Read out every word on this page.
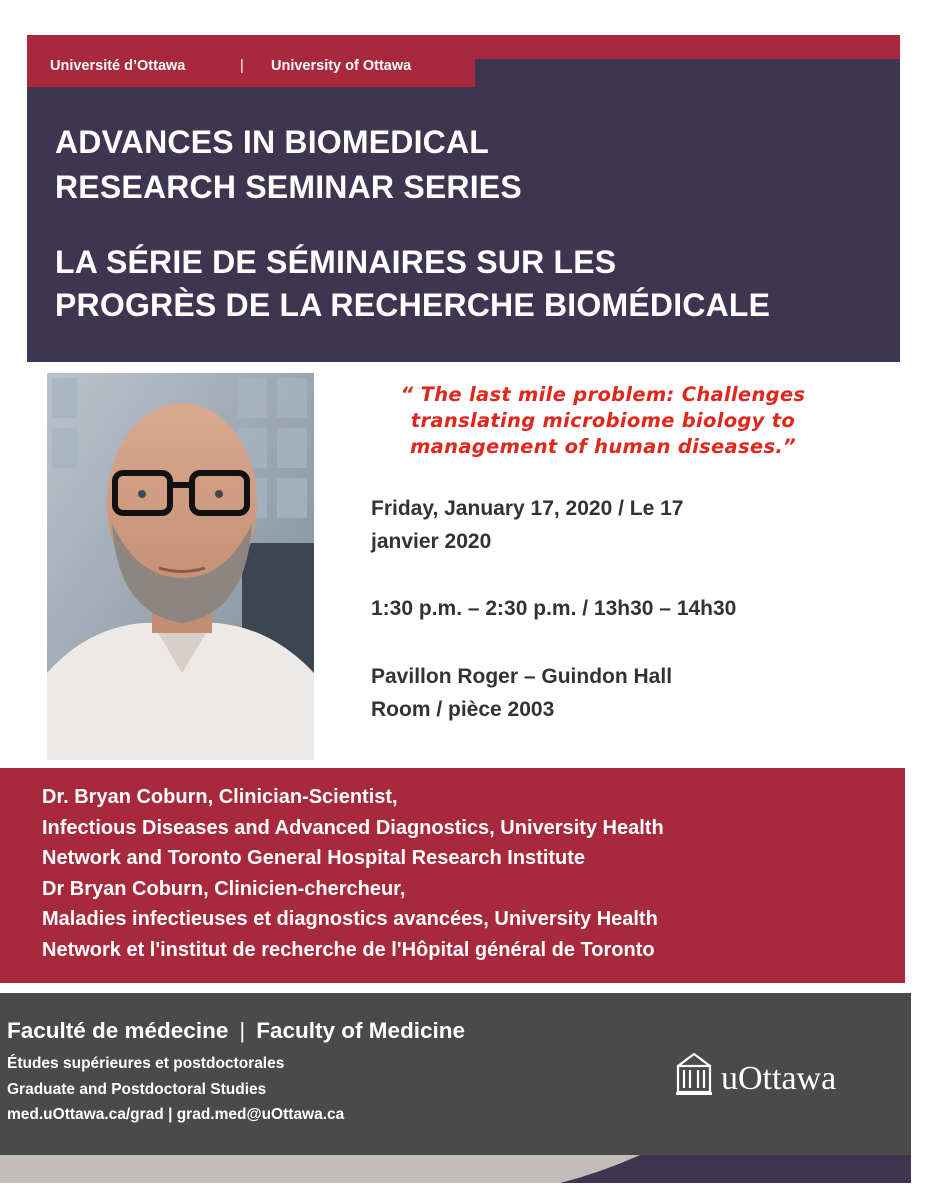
Université d’Ottawa	| University of Ottawa
ADVANCES IN BIOMEDICAL
RESEARCH SEMINAR SERIES
LA SÉRIE DE SÉMINAIRES SUR LES
PROGRÈS DE LA RECHERCHE BIOMÉDICALE
“ The last mile problem: Challenges
translating microbiome biology to
management of human diseases.”
Friday, January 17, 2020 / Le 17
janvier 2020
1:30 p.m. – 2:30 p.m. / 13h30 – 14h30
Pavillon Roger – Guindon Hall
Room / pièce 2003
Dr. Bryan Coburn, Clinician-Scientist,
Infectious Diseases and Advanced Diagnostics, University Health
Network and Toronto General Hospital Research Institute
Dr Bryan Coburn, Clinicien-chercheur,
Maladies infectieuses et diagnostics avancées, University Health
Network et l'institut de recherche de l'Hôpital général de Toronto
Faculté de médecine | Faculty of Medicine
Études supérieures et postdoctorales
Graduate and Postdoctoral Studies
med.uOttawa.ca/grad | grad.med@uOttawa.ca
uOttawa
